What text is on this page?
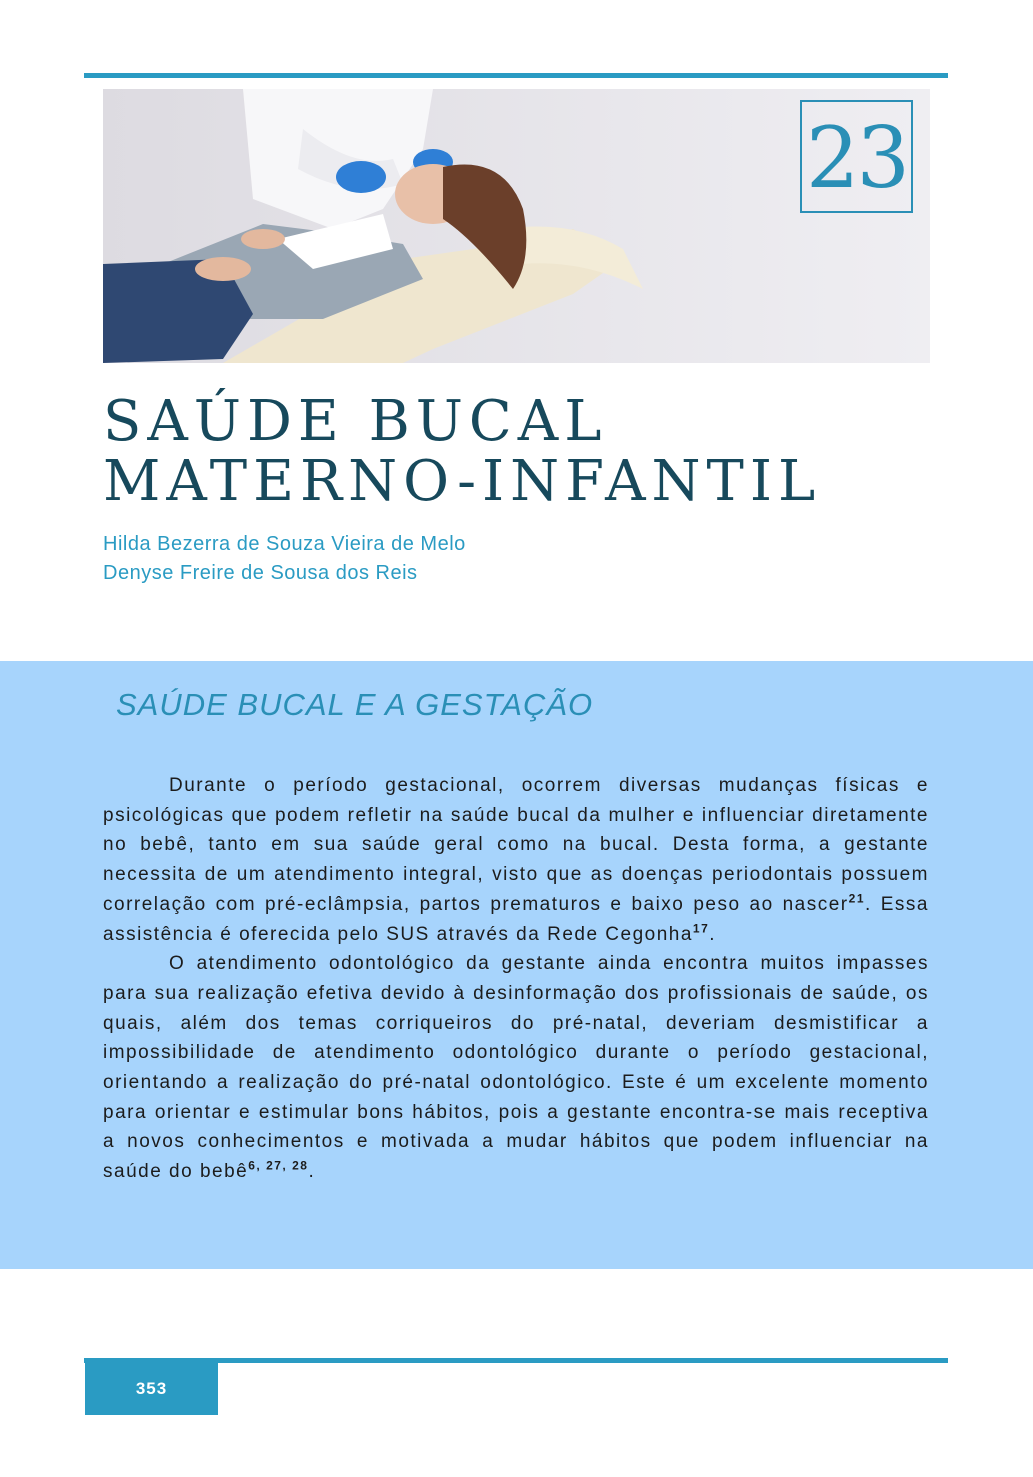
23
SAÚDE BUCAL
MATERNO-INFANTIL
Hilda Bezerra de Souza Vieira de Melo
Denyse Freire de Sousa dos Reis
SAÚDE BUCAL E A GESTAÇÃO

Durante o período gestacional, ocorrem diversas mudanças físicas e psicológicas que podem refletir na saúde bucal da mulher e influenciar diretamente no bebê, tanto em sua saúde geral como na bucal. Desta forma, a gestante necessita de um atendimento integral, visto que as doenças periodontais possuem correlação com pré-eclâmpsia, partos prematuros e baixo peso ao nascer$^{21}$. Essa assistência é oferecida pelo SUS através da Rede Cegonha$^{17}$.

O atendimento odontológico da gestante ainda encontra muitos impasses para sua realização efetiva devido à desinformação dos profissionais de saúde, os quais, além dos temas corriqueiros do pré-natal, deveriam desmistificar a impossibilidade de atendimento odontológico durante o período gestacional, orientando a realização do pré-natal odontológico. Este é um excelente momento para orientar e estimular bons hábitos, pois a gestante encontra-se mais receptiva a novos conhecimentos e motivada a mudar hábitos que podem influenciar na saúde do bebê$^{6, 27, 28}$.

353
